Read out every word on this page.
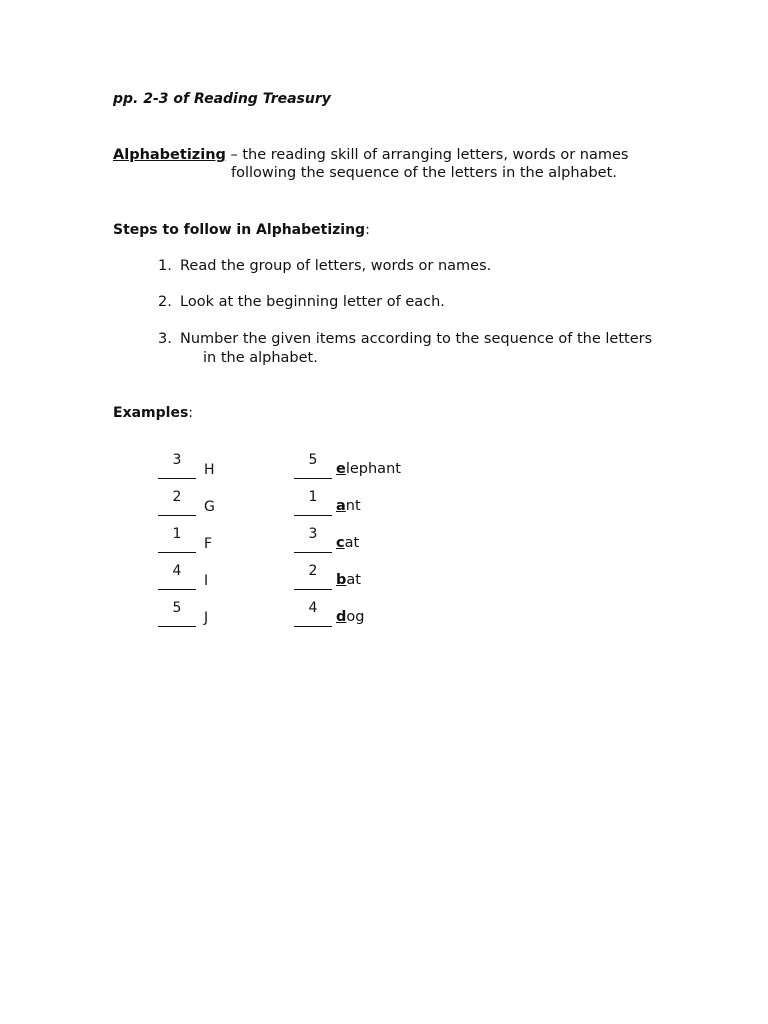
pp. 2-3 of Reading Treasury
Alphabetizing – the reading skill of arranging letters, words or names
following the sequence of the letters in the alphabet.
Steps to follow in Alphabetizing:
1. Read the group of letters, words or names.
2. Look at the beginning letter of each.
3. Number the given items according to the sequence of the letters
in the alphabet.
Examples:
3
H
2
G
1
F
4
I
5
J
5
elephant
1
ant
3
cat
2
bat
4
dog
